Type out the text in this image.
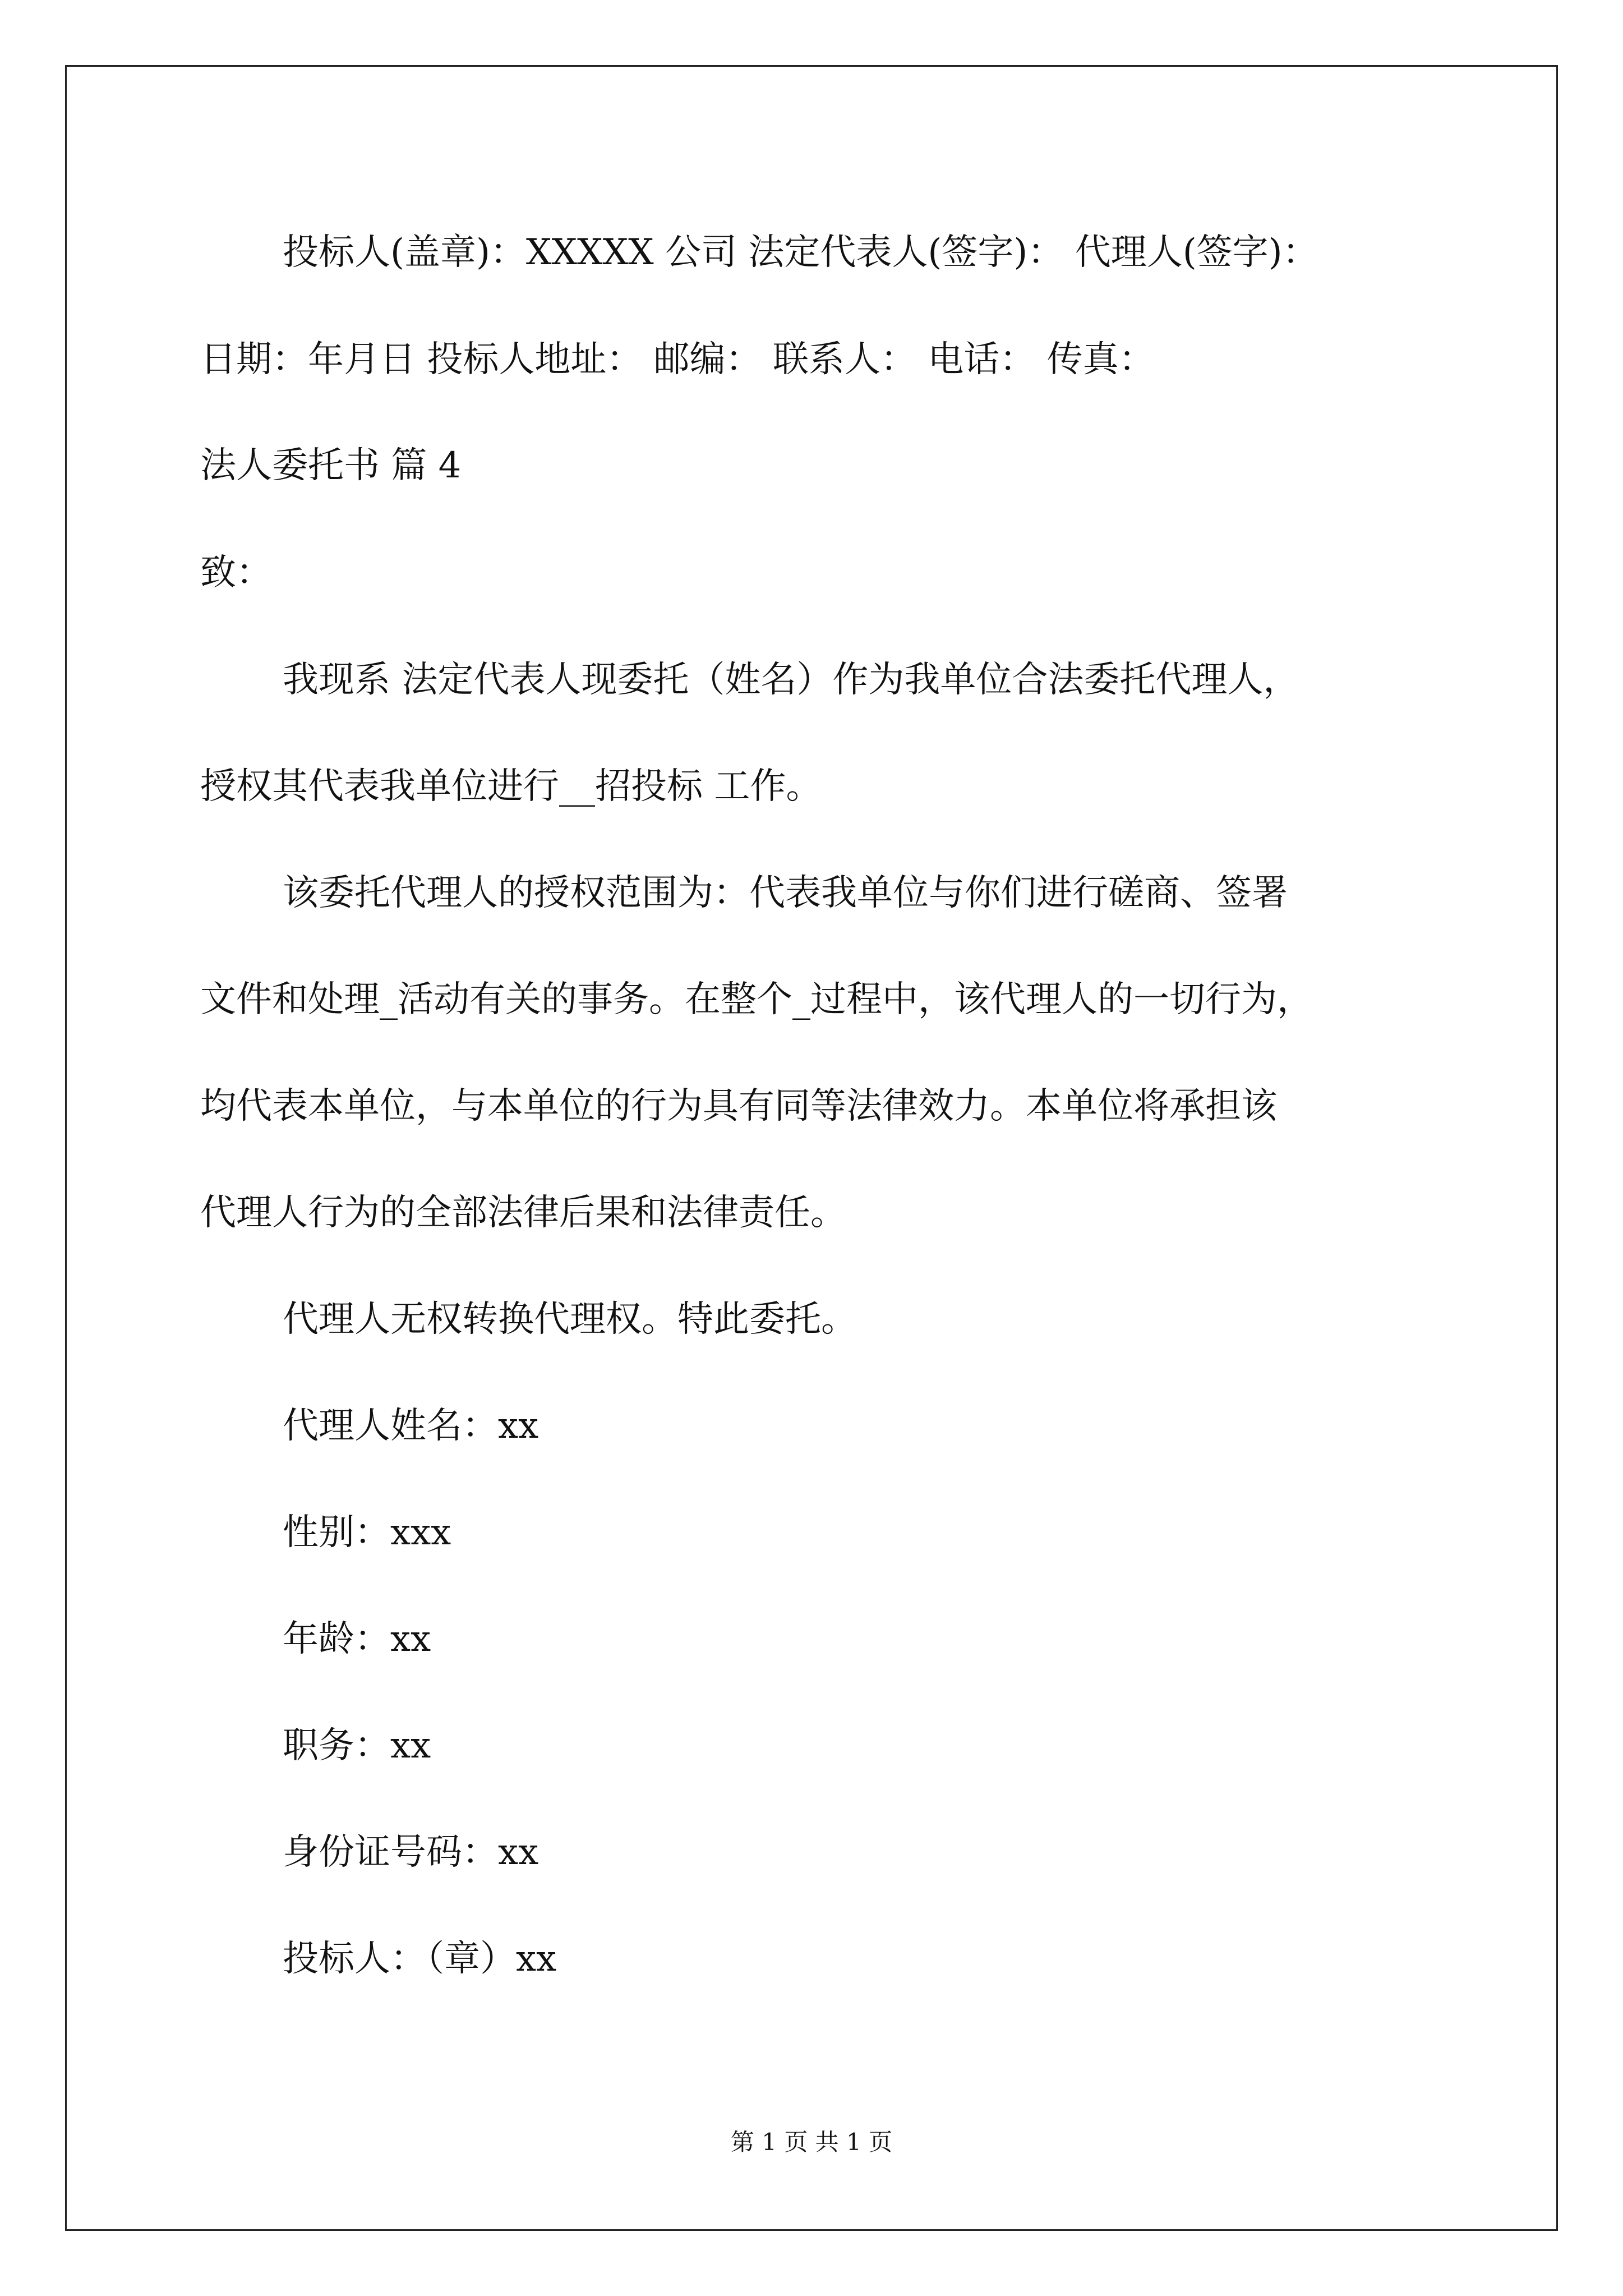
投标人(盖章)：XXXXX 公司 法定代表人(签字)： 代理人(签字)：
日期：年月日 投标人地址： 邮编： 联系人： 电话： 传真：
法人委托书 篇 4
致：
我现系 法定代表人现委托（姓名）作为我单位合法委托代理人，
授权其代表我单位进行__招投标 工作。
该委托代理人的授权范围为：代表我单位与你们进行磋商、签署
文件和处理_活动有关的事务。在整个_过程中，该代理人的一切行为，
均代表本单位，与本单位的行为具有同等法律效力。本单位将承担该
代理人行为的全部法律后果和法律责任。
代理人无权转换代理权。特此委托。
代理人姓名：xx
性别：xxx
年龄：xx
职务：xx
身份证号码：xx
投标人：（章）xx
第 1 页 共 1 页
